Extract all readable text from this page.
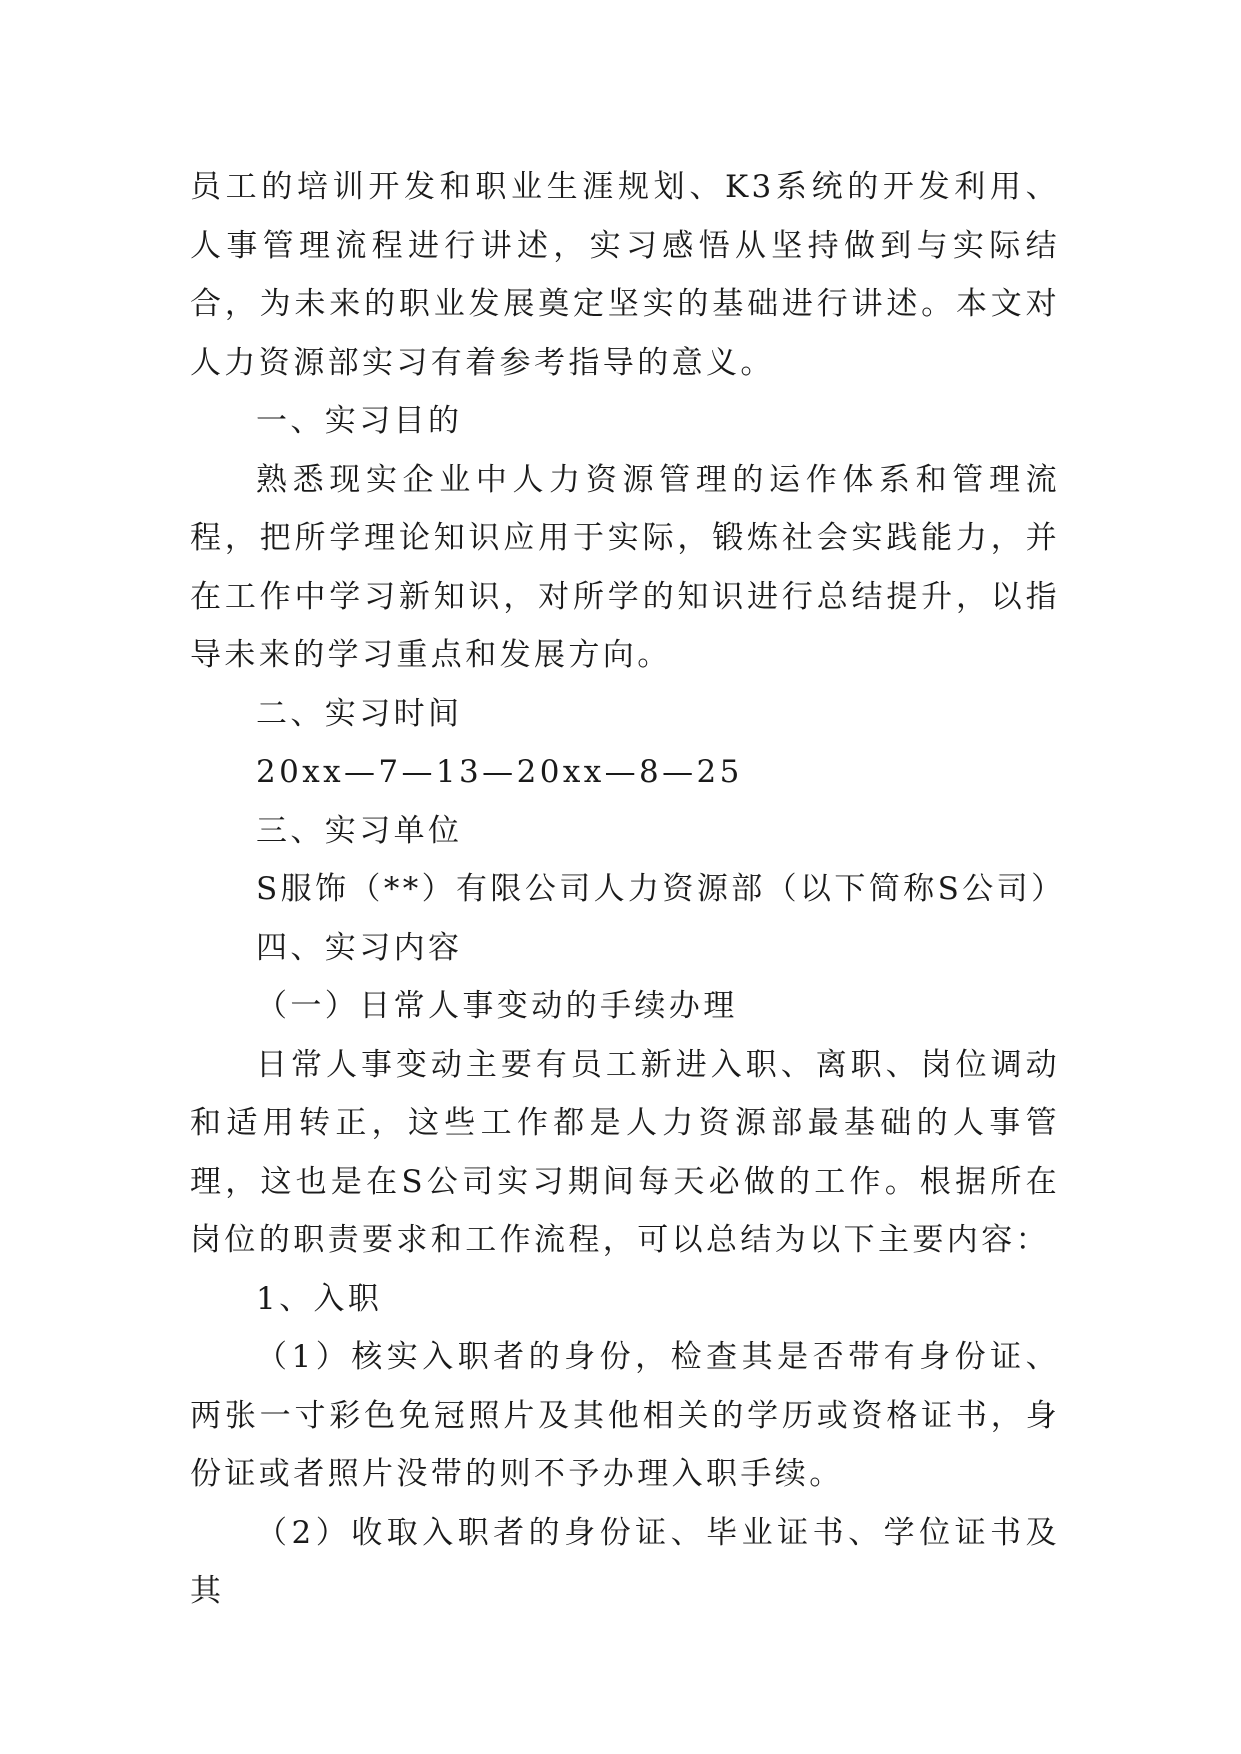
员工的培训开发和职业生涯规划、K3系统的开发利用、人事管理流程进行讲述，实习感悟从坚持做到与实际结合，为未来的职业发展奠定坚实的基础进行讲述。本文对人力资源部实习有着参考指导的意义。

一、实习目的

熟悉现实企业中人力资源管理的运作体系和管理流程，把所学理论知识应用于实际，锻炼社会实践能力，并在工作中学习新知识，对所学的知识进行总结提升，以指导未来的学习重点和发展方向。

二、实习时间

20xx—7—13—20xx—8—25

三、实习单位

S服饰（**）有限公司人力资源部（以下简称S公司）

四、实习内容

（一）日常人事变动的手续办理

日常人事变动主要有员工新进入职、离职、岗位调动和适用转正，这些工作都是人力资源部最基础的人事管理，这也是在S公司实习期间每天必做的工作。根据所在岗位的职责要求和工作流程，可以总结为以下主要内容：

1、入职

（1）核实入职者的身份，检查其是否带有身份证、两张一寸彩色免冠照片及其他相关的学历或资格证书，身份证或者照片没带的则不予办理入职手续。

（2）收取入职者的身份证、毕业证书、学位证书及其
